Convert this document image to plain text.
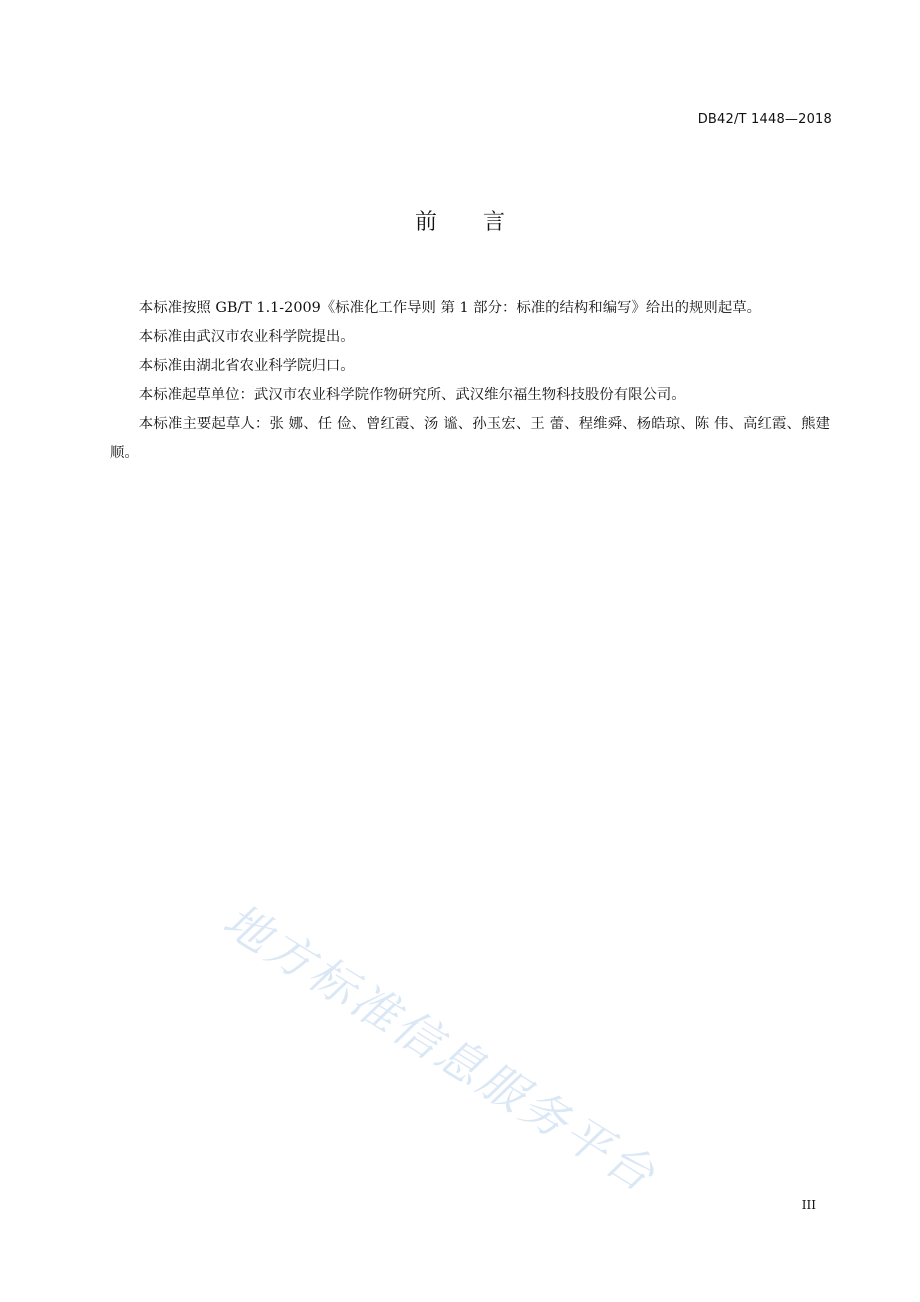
DB42/T 1448—2018
前言

本标准按照 GB/T 1.1-2009《标准化工作导则 第 1 部分：标准的结构和编写》给出的规则起草。

本标准由武汉市农业科学院提出。

本标准由湖北省农业科学院归口。

本标准起草单位：武汉市农业科学院作物研究所、武汉维尔福生物科技股份有限公司。

本标准主要起草人：张 娜、任 俭、曾红霞、汤 谧、孙玉宏、王 蕾、程维舜、杨皓琼、陈 伟、高红霞、熊建顺。

地方标准信息服务平台
III
